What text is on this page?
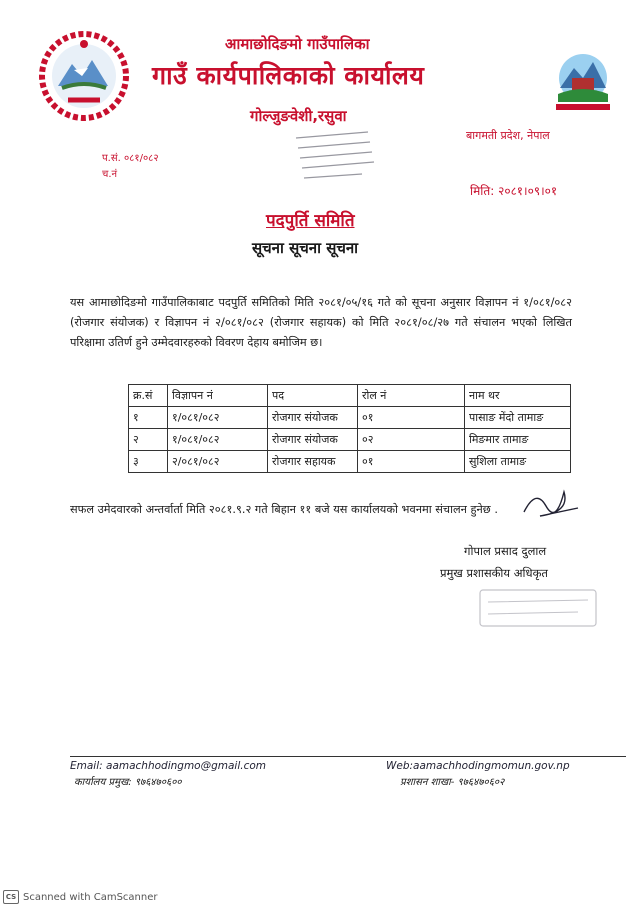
आमाछोदिङमो गाउँपालिका
गाउँ कार्यपालिकाको कार्यालय
गोल्जुङवेशी,रसुवा
बागमती प्रदेश, नेपाल
प.सं. ०८१/०८२
च.नं
मिति: २०८१।०९।०१
पदपुर्ति समिति
सूचना सूचना सूचना
यस आमाछोदिङमो गाउँपालिकाबाट पदपुर्ति समितिको मिति २०८१/०५/१६ गते को सूचना अनुसार विज्ञापन नं १/०८१/०८२ (रोजगार संयोजक) र विज्ञापन नं २/०८१/०८२ (रोजगार सहायक) को मिति २०८१/०८/२७ गते संचालन भएको लिखित परिक्षामा उतिर्ण हुने उम्मेदवारहरुको विवरण देहाय बमोजिम छ।
क्र.सं	विज्ञापन नं	पद	रोल नं	नाम थर
१	१/०८१/०८२	रोजगार संयोजक	०१	पासाङ मेंदो तामाङ
२	१/०८१/०८२	रोजगार संयोजक	०२	मिङमार तामाङ
३	२/०८१/०८२	रोजगार सहायक	०१	सुशिला तामाङ
सफल उमेदवारको अन्तर्वार्ता मिति २०८१.९.२ गते बिहान ११ बजे यस कार्यालयको भवनमा संचालन हुनेछ .
गोपाल प्रसाद दुलाल
प्रमुख प्रशासकीय अधिकृत
Email: aamachhodingmo@gmail.com	Web:aamachhodingmomun.gov.np
कार्यालय प्रमुख: ९७६४७०६००	प्रशासन शाखा- ९७६४७०६०२
CS Scanned with CamScanner
